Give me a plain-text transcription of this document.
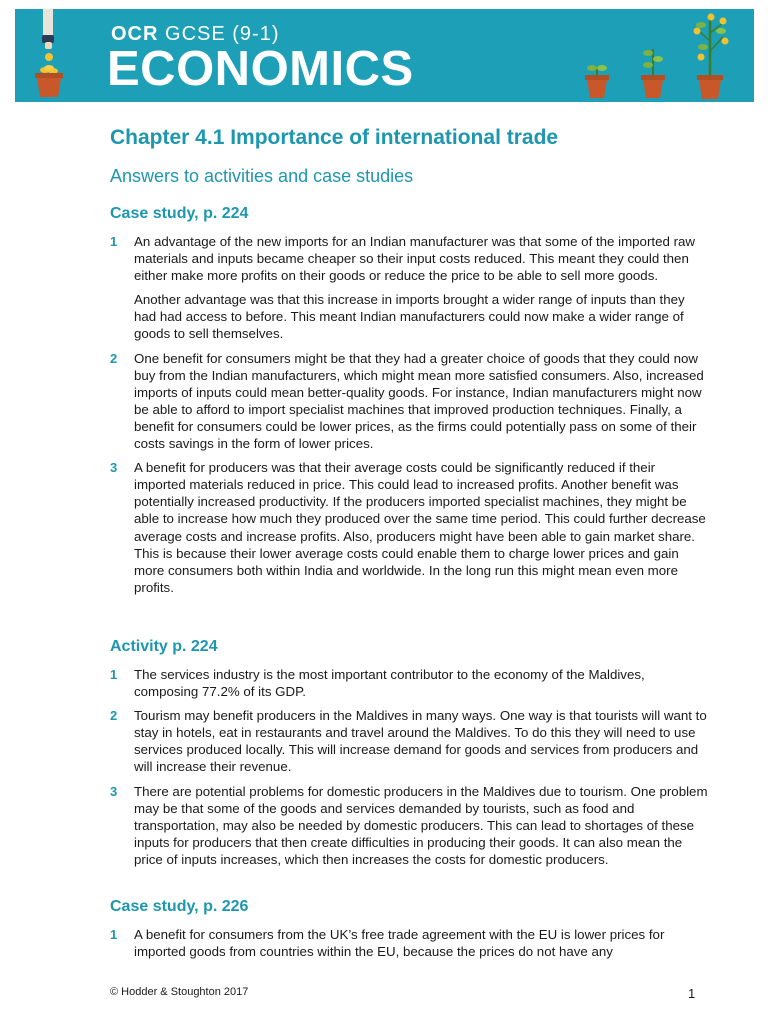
OCR GCSE (9-1)
ECONOMICS
Chapter 4.1 Importance of international trade
Answers to activities and case studies
Case study, p. 224
1 An advantage of the new imports for an Indian manufacturer was that some of the imported raw materials and inputs became cheaper so their input costs reduced. This meant they could then either make more profits on their goods or reduce the price to be able to sell more goods.

Another advantage was that this increase in imports brought a wider range of inputs than they had had access to before. This meant Indian manufacturers could now make a wider range of goods to sell themselves.

2 One benefit for consumers might be that they had a greater choice of goods that they could now buy from the Indian manufacturers, which might mean more satisfied consumers. Also, increased imports of inputs could mean better-quality goods. For instance, Indian manufacturers might now be able to afford to import specialist machines that improved production techniques. Finally, a benefit for consumers could be lower prices, as the firms could potentially pass on some of their costs savings in the form of lower prices.

3 A benefit for producers was that their average costs could be significantly reduced if their imported materials reduced in price. This could lead to increased profits. Another benefit was potentially increased productivity. If the producers imported specialist machines, they might be able to increase how much they produced over the same time period. This could further decrease average costs and increase profits. Also, producers might have been able to gain market share. This is because their lower average costs could enable them to charge lower prices and gain more consumers both within India and worldwide. In the long run this might mean even more profits.

Activity p. 224
1 The services industry is the most important contributor to the economy of the Maldives, composing 77.2% of its GDP.

2 Tourism may benefit producers in the Maldives in many ways. One way is that tourists will want to stay in hotels, eat in restaurants and travel around the Maldives. To do this they will need to use services produced locally. This will increase demand for goods and services from producers and will increase their revenue.

3 There are potential problems for domestic producers in the Maldives due to tourism. One problem may be that some of the goods and services demanded by tourists, such as food and transportation, may also be needed by domestic producers. This can lead to shortages of these inputs for producers that then create difficulties in producing their goods. It can also mean the price of inputs increases, which then increases the costs for domestic producers.

Case study, p. 226
1 A benefit for consumers from the UK’s free trade agreement with the EU is lower prices for imported goods from countries within the EU, because the prices do not have any

© Hodder & Stoughton 2017	1
